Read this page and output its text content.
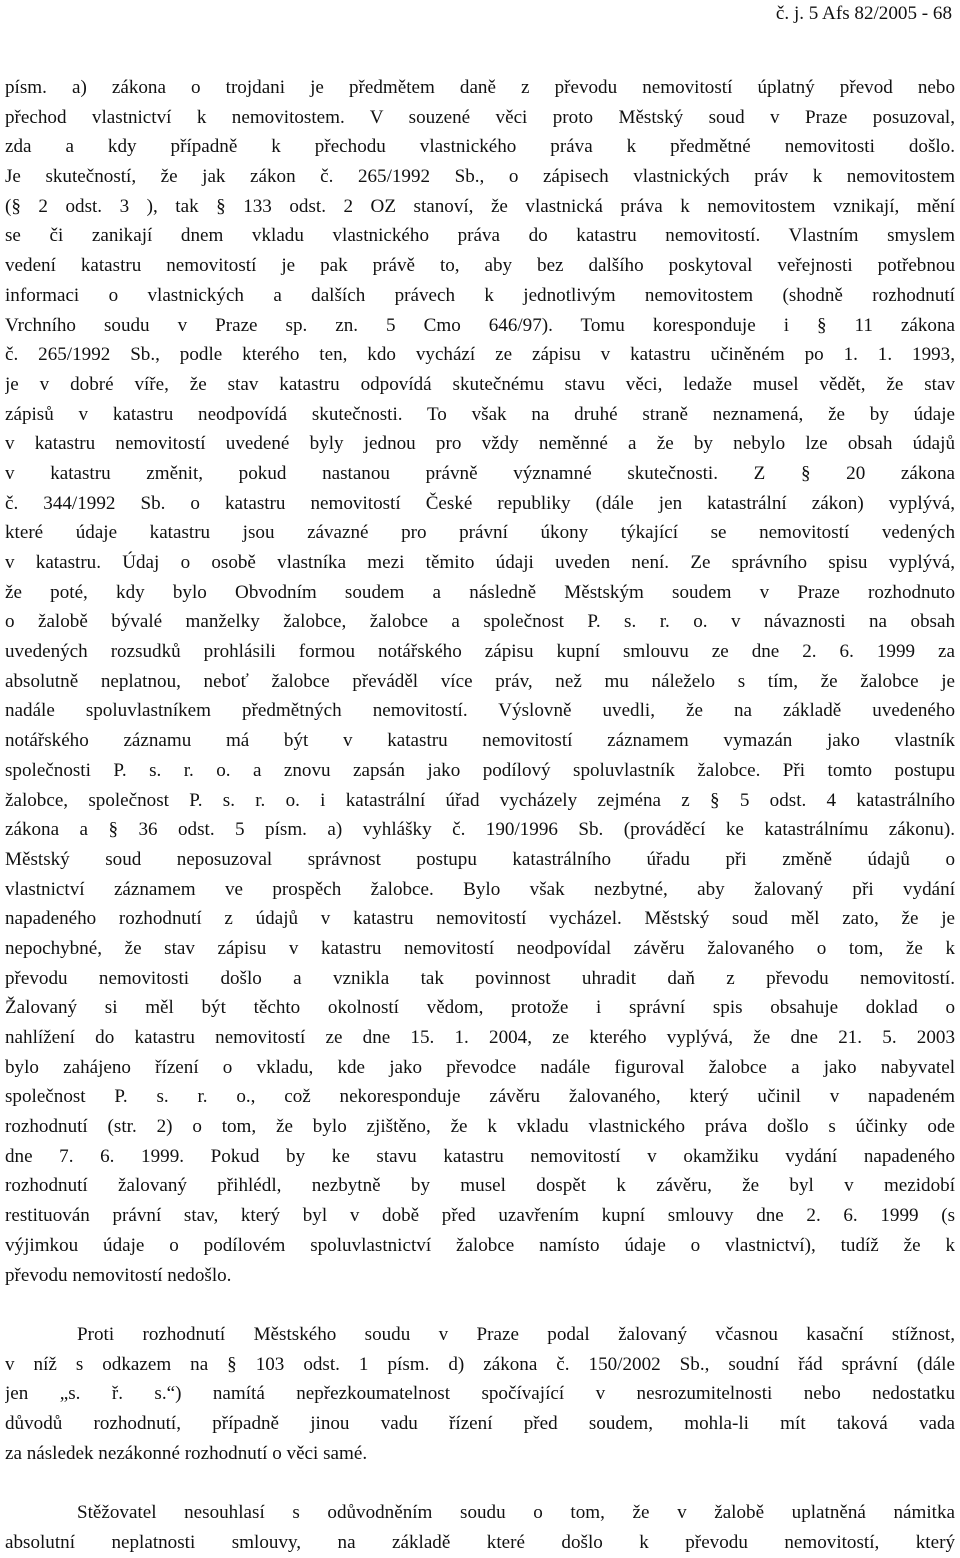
č. j. 5 Afs 82/2005 - 68
písm. a) zákona o trojdani je předmětem daně z převodu nemovitostí úplatný převod nebo
přechod vlastnictví k nemovitostem. V souzené věci proto Městský soud v Praze posuzoval,
zda a kdy případně k přechodu vlastnického práva k předmětné nemovitosti došlo.
Je skutečností, že jak zákon č. 265/1992 Sb., o zápisech vlastnických práv k nemovitostem
(§ 2 odst. 3 ), tak § 133 odst. 2 OZ stanoví, že vlastnická práva k nemovitostem vznikají, mění
se či zanikají dnem vkladu vlastnického práva do katastru nemovitostí. Vlastním smyslem
vedení katastru nemovitostí je pak právě to, aby bez dalšího poskytoval veřejnosti potřebnou
informaci o vlastnických a dalších právech k jednotlivým nemovitostem (shodně rozhodnutí
Vrchního soudu v Praze sp. zn. 5 Cmo 646/97). Tomu koresponduje i § 11 zákona
č. 265/1992 Sb., podle kterého ten, kdo vychází ze zápisu v katastru učiněném po 1. 1. 1993,
je v dobré víře, že stav katastru odpovídá skutečnému stavu věci, ledaže musel vědět, že stav
zápisů v katastru neodpovídá skutečnosti. To však na druhé straně neznamená, že by údaje
v katastru nemovitostí uvedené byly jednou pro vždy neměnné a že by nebylo lze obsah údajů
v katastru změnit, pokud nastanou právně významné skutečnosti. Z § 20 zákona
č. 344/1992 Sb. o katastru nemovitostí České republiky (dále jen katastrální zákon) vyplývá,
které údaje katastru jsou závazné pro právní úkony týkající se nemovitostí vedených
v katastru. Údaj o osobě vlastníka mezi těmito údaji uveden není. Ze správního spisu vyplývá,
že poté, kdy bylo Obvodním soudem a následně Městským soudem v Praze rozhodnuto
o žalobě bývalé manželky žalobce, žalobce a společnost P. s. r. o. v návaznosti na obsah
uvedených rozsudků prohlásili formou notářského zápisu kupní smlouvu ze dne 2. 6. 1999 za
absolutně neplatnou, neboť žalobce převáděl více práv, než mu náleželo s tím, že žalobce je
nadále spoluvlastníkem předmětných nemovitostí. Výslovně uvedli, že na základě uvedeného
notářského záznamu má být v katastru nemovitostí záznamem vymazán jako vlastník
společnosti P. s. r. o. a znovu zapsán jako podílový spoluvlastník žalobce. Při tomto postupu
žalobce, společnost P. s. r. o. i katastrální úřad vycházely zejména z § 5 odst. 4 katastrálního
zákona a § 36 odst. 5 písm. a) vyhlášky č. 190/1996 Sb. (prováděcí ke katastrálnímu zákonu).
Městský soud neposuzoval správnost postupu katastrálního úřadu při změně údajů o
vlastnictví záznamem ve prospěch žalobce. Bylo však nezbytné, aby žalovaný při vydání
napadeného rozhodnutí z údajů v katastru nemovitostí vycházel. Městský soud měl zato, že je
nepochybné, že stav zápisu v katastru nemovitostí neodpovídal závěru žalovaného o tom, že k
převodu nemovitosti došlo a vznikla tak povinnost uhradit daň z převodu nemovitostí.
Žalovaný si měl být těchto okolností vědom, protože i správní spis obsahuje doklad o
nahlížení do katastru nemovitostí ze dne 15. 1. 2004, ze kterého vyplývá, že dne 21. 5. 2003
bylo zahájeno řízení o vkladu, kde jako převodce nadále figuroval žalobce a jako nabyvatel
společnost P. s. r. o., což nekoresponduje závěru žalovaného, který učinil v napadeném
rozhodnutí (str. 2) o tom, že bylo zjištěno, že k vkladu vlastnického práva došlo s účinky ode
dne 7. 6. 1999. Pokud by ke stavu katastru nemovitostí v okamžiku vydání napadeného
rozhodnutí žalovaný přihlédl, nezbytně by musel dospět k závěru, že byl v mezidobí
restituován právní stav, který byl v době před uzavřením kupní smlouvy dne 2. 6. 1999 (s
výjimkou údaje o podílovém spoluvlastnictví žalobce namísto údaje o vlastnictví), tudíž že k
převodu nemovitostí nedošlo.
Proti rozhodnutí Městského soudu v Praze podal žalovaný včasnou kasační stížnost,
v níž s odkazem na § 103 odst. 1 písm. d) zákona č. 150/2002 Sb., soudní řád správní (dále
jen „s. ř. s.“) namítá nepřezkoumatelnost spočívající v nesrozumitelnosti nebo nedostatku
důvodů rozhodnutí, případně jinou vadu řízení před soudem, mohla-li mít taková vada
za následek nezákonné rozhodnutí o věci samé.
Stěžovatel nesouhlasí s odůvodněním soudu o tom, že v žalobě uplatněná námitka
absolutní neplatnosti smlouvy, na základě které došlo k převodu nemovitostí, který
